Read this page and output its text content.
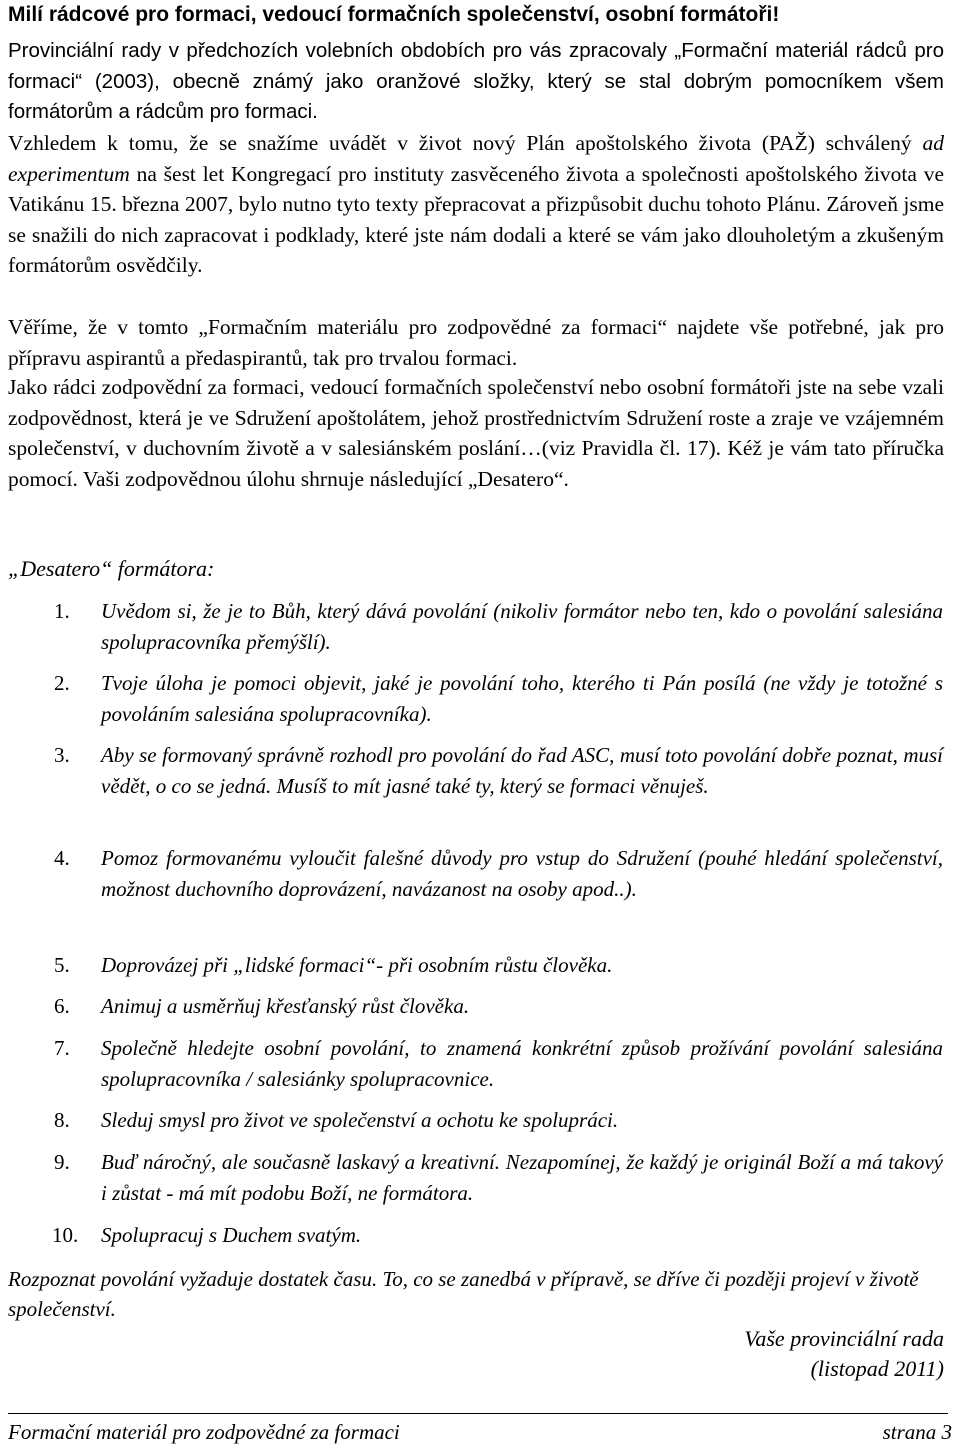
Milí rádcové pro formaci, vedoucí formačních společenství, osobní formátoři!

Provinciální rady v předchozích volebních obdobích pro vás zpracovaly „Formační materiál rádců pro formaci“ (2003), obecně známý jako oranžové složky, který se stal dobrým pomocníkem všem formátorům a rádcům pro formaci.

Vzhledem k tomu, že se snažíme uvádět v život nový Plán apoštolského života (PAŽ) schválený ad experimentum na šest let Kongregací pro instituty zasvěceného života a společnosti apoštolského života ve Vatikánu 15. března 2007, bylo nutno tyto texty přepracovat a přizpůsobit duchu tohoto Plánu. Zároveň jsme se snažili do nich zapracovat i podklady, které jste nám dodali a které se vám jako dlouholetým a zkušeným formátorům osvědčily.

Věříme, že v tomto „Formačním materiálu pro zodpovědné za formaci“ najdete vše potřebné, jak pro přípravu aspirantů a předaspirantů, tak pro trvalou formaci.

Jako rádci zodpovědní za formaci, vedoucí formačních společenství nebo osobní formátoři jste na sebe vzali zodpovědnost, která je ve Sdružení apoštolátem, jehož prostřednictvím Sdružení roste a zraje ve vzájemném společenství, v duchovním životě a v salesiánském poslání…(viz Pravidla čl. 17). Kéž je vám tato příručka pomocí. Vaši zodpovědnou úlohu shrnuje následující „Desatero“.

„Desatero“ formátora:
1. Uvědom si, že je to Bůh, který dává povolání (nikoliv formátor nebo ten, kdo o povolání salesiána spolupracovníka přemýšlí).
2. Tvoje úloha je pomoci objevit, jaké je povolání toho, kterého ti Pán posílá (ne vždy je totožné s povoláním salesiána spolupracovníka).
3. Aby se formovaný správně rozhodl pro povolání do řad ASC, musí toto povolání dobře poznat, musí vědět, o co se jedná. Musíš to mít jasné také ty, který se formaci věnuješ.
4. Pomoz formovanému vyloučit falešné důvody pro vstup do Sdružení (pouhé hledání společenství, možnost duchovního doprovázení, navázanost na osoby apod..).
5. Doprovázej při „lidské formaci“- při osobním růstu člověka.
6. Animuj a usměrňuj křesťanský růst člověka.
7. Společně hledejte osobní povolání, to znamená konkrétní způsob prožívání povolání salesiána spolupracovníka / salesiánky spolupracovnice.
8. Sleduj smysl pro život ve společenství a ochotu ke spolupráci.
9. Buď náročný, ale současně laskavý a kreativní. Nezapomínej, že každý je originál Boží a má takový i zůstat - má mít podobu Boží, ne formátora.
10. Spolupracuj s Duchem svatým.

Rozpoznat povolání vyžaduje dostatek času. To, co se zanedbá v přípravě, se dříve či později projeví v životě společenství.

Vaše provinciální rada
(listopad 2011)
Formační materiál pro zodpovědné za formaci	strana 3
